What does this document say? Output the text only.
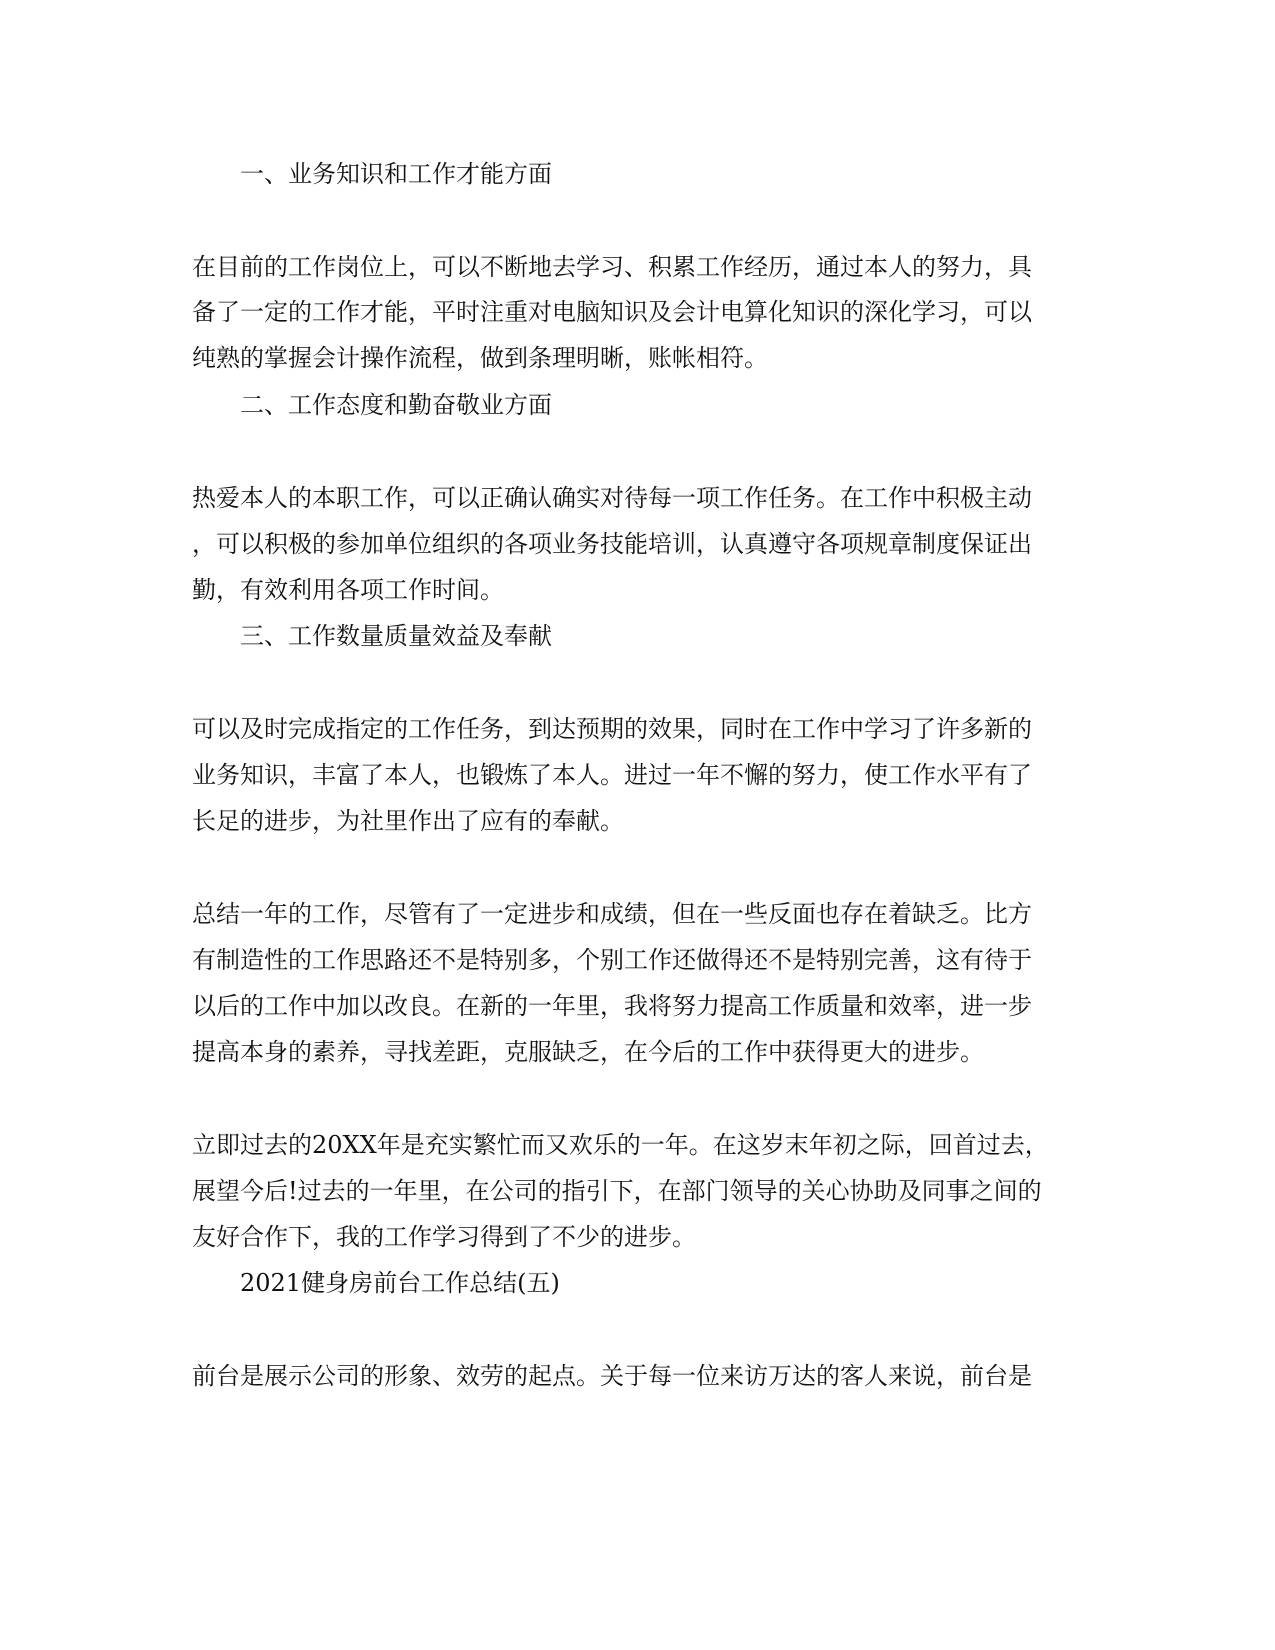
一、业务知识和工作才能方面
在目前的工作岗位上，可以不断地去学习、积累工作经历，通过本人的努力，具
备了一定的工作才能，平时注重对电脑知识及会计电算化知识的深化学习，可以
纯熟的掌握会计操作流程，做到条理明晰，账帐相符。
二、工作态度和勤奋敬业方面
热爱本人的本职工作，可以正确认确实对待每一项工作任务。在工作中积极主动
，可以积极的参加单位组织的各项业务技能培训，认真遵守各项规章制度保证出
勤，有效利用各项工作时间。
三、工作数量质量效益及奉献
可以及时完成指定的工作任务，到达预期的效果，同时在工作中学习了许多新的
业务知识，丰富了本人，也锻炼了本人。进过一年不懈的努力，使工作水平有了
长足的进步，为社里作出了应有的奉献。
总结一年的工作，尽管有了一定进步和成绩，但在一些反面也存在着缺乏。比方
有制造性的工作思路还不是特别多，个别工作还做得还不是特别完善，这有待于
以后的工作中加以改良。在新的一年里，我将努力提高工作质量和效率，进一步
提高本身的素养，寻找差距，克服缺乏，在今后的工作中获得更大的进步。
立即过去的20XX年是充实繁忙而又欢乐的一年。在这岁末年初之际，回首过去，
展望今后!过去的一年里，在公司的指引下，在部门领导的关心协助及同事之间的
友好合作下，我的工作学习得到了不少的进步。
2021健身房前台工作总结(五)
前台是展示公司的形象、效劳的起点。关于每一位来访万达的客人来说，前台是
